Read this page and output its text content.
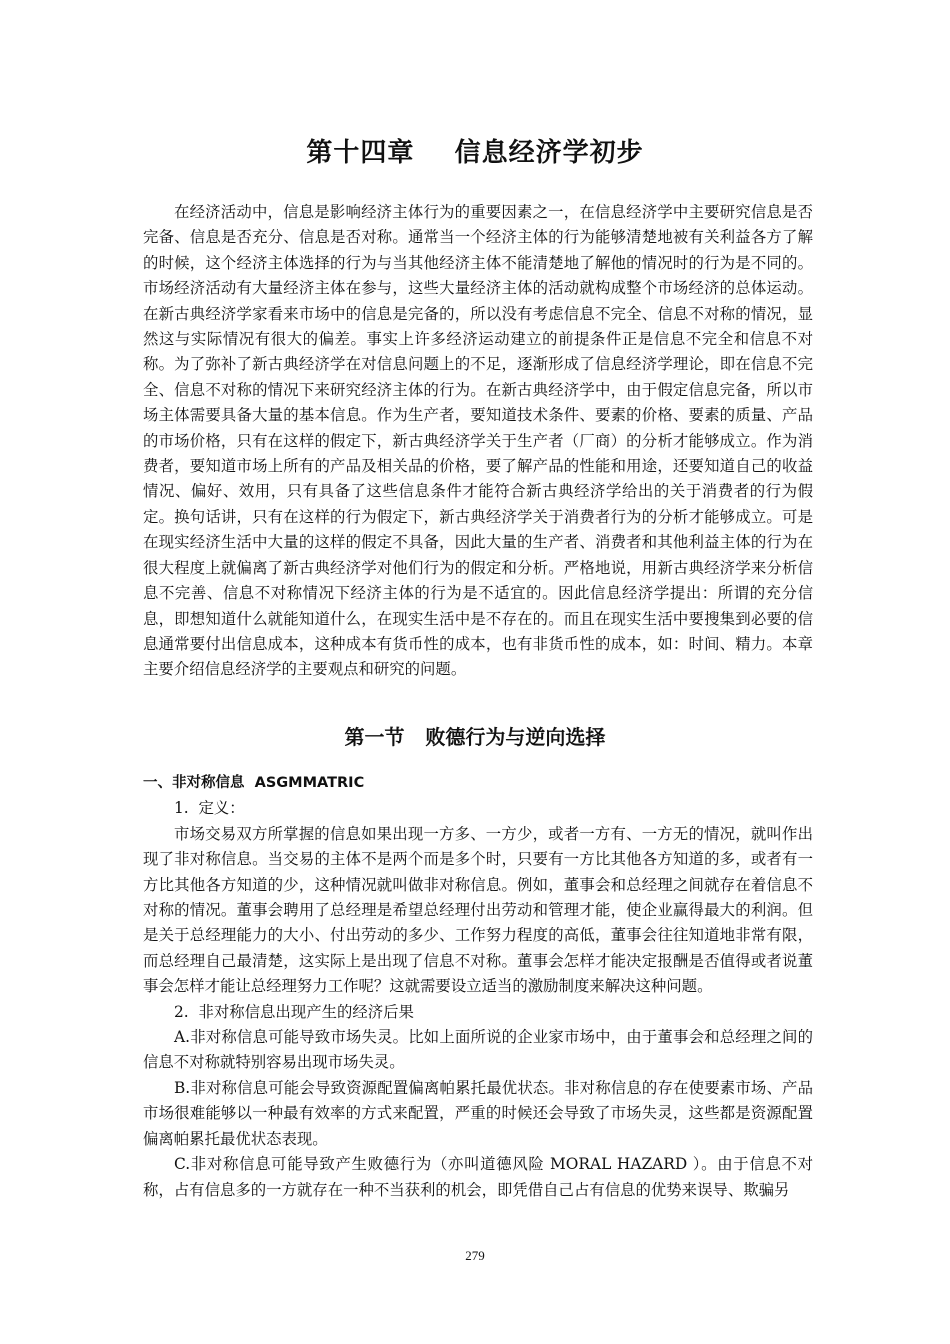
第十四章    信息经济学初步

在经济活动中，信息是影响经济主体行为的重要因素之一，在信息经济学中主要研究信息是否完备、信息是否充分、信息是否对称。通常当一个经济主体的行为能够清楚地被有关利益各方了解的时候，这个经济主体选择的行为与当其他经济主体不能清楚地了解他的情况时的行为是不同的。市场经济活动有大量经济主体在参与，这些大量经济主体的活动就构成整个市场经济的总体运动。在新古典经济学家看来市场中的信息是完备的，所以没有考虑信息不完全、信息不对称的情况，显然这与实际情况有很大的偏差。事实上许多经济运动建立的前提条件正是信息不完全和信息不对称。为了弥补了新古典经济学在对信息问题上的不足，逐渐形成了信息经济学理论，即在信息不完全、信息不对称的情况下来研究经济主体的行为。在新古典经济学中，由于假定信息完备，所以市场主体需要具备大量的基本信息。作为生产者，要知道技术条件、要素的价格、要素的质量、产品的市场价格，只有在这样的假定下，新古典经济学关于生产者（厂商）的分析才能够成立。作为消费者，要知道市场上所有的产品及相关品的价格，要了解产品的性能和用途，还要知道自己的收益情况、偏好、效用，只有具备了这些信息条件才能符合新古典经济学给出的关于消费者的行为假定。换句话讲，只有在这样的行为假定下，新古典经济学关于消费者行为的分析才能够成立。可是在现实经济生活中大量的这样的假定不具备，因此大量的生产者、消费者和其他利益主体的行为在很大程度上就偏离了新古典经济学对他们行为的假定和分析。严格地说，用新古典经济学来分析信息不完善、信息不对称情况下经济主体的行为是不适宜的。因此信息经济学提出：所谓的充分信息，即想知道什么就能知道什么，在现实生活中是不存在的。而且在现实生活中要搜集到必要的信息通常要付出信息成本，这种成本有货币性的成本，也有非货币性的成本，如：时间、精力。本章主要介绍信息经济学的主要观点和研究的问题。

第一节   败德行为与逆向选择

一、非对称信息  ASGMMATRIC

1.  定义：

市场交易双方所掌握的信息如果出现一方多、一方少，或者一方有、一方无的情况，就叫作出现了非对称信息。当交易的主体不是两个而是多个时，只要有一方比其他各方知道的多，或者有一方比其他各方知道的少，这种情况就叫做非对称信息。例如，董事会和总经理之间就存在着信息不对称的情况。董事会聘用了总经理是希望总经理付出劳动和管理才能，使企业赢得最大的利润。但是关于总经理能力的大小、付出劳动的多少、工作努力程度的高低，董事会往往知道地非常有限，而总经理自己最清楚，这实际上是出现了信息不对称。董事会怎样才能决定报酬是否值得或者说董事会怎样才能让总经理努力工作呢？这就需要设立适当的激励制度来解决这种问题。

2.  非对称信息出现产生的经济后果

A.非对称信息可能导致市场失灵。比如上面所说的企业家市场中，由于董事会和总经理之间的信息不对称就特别容易出现市场失灵。

B.非对称信息可能会导致资源配置偏离帕累托最优状态。非对称信息的存在使要素市场、产品市场很难能够以一种最有效率的方式来配置，严重的时候还会导致了市场失灵，这些都是资源配置偏离帕累托最优状态表现。

C.非对称信息可能导致产生败德行为（亦叫道德风险 MORAL HAZARD ）。由于信息不对称，占有信息多的一方就存在一种不当获利的机会，即凭借自己占有信息的优势来误导、欺骗另

279
